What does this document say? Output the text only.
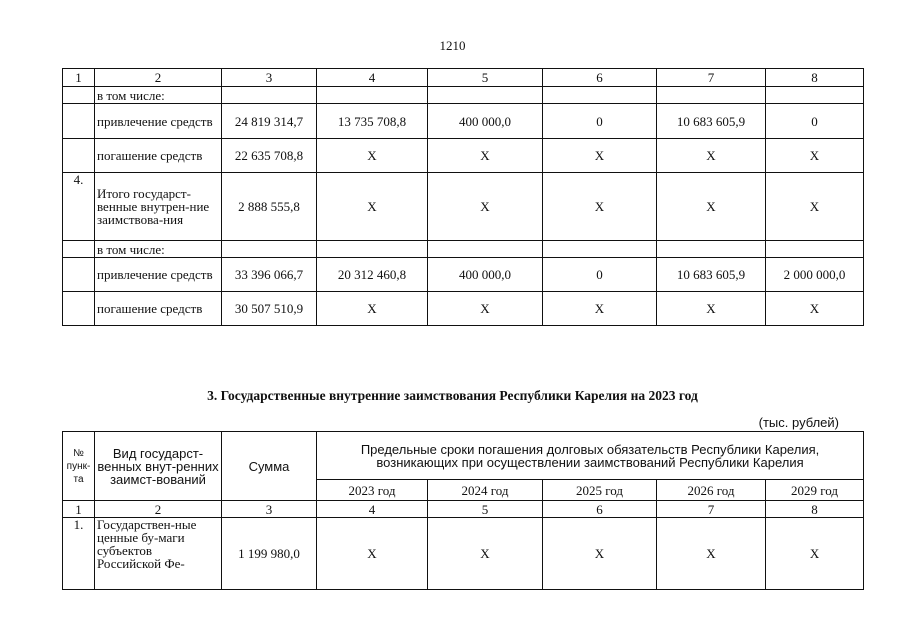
1210
1	2	3	4	5	6	7	8
	в том числе:						
	привлечение средств	24 819 314,7	13 735 708,8	400 000,0	0	10 683 605,9	0
	погашение средств	22 635 708,8	X	X	X	X	X
4.	Итого государст-венные внутрен-ние заимствова-ния	2 888 555,8	X	X	X	X	X
	в том числе:						
	привлечение средств	33 396 066,7	20 312 460,8	400 000,0	0	10 683 605,9	2 000 000,0
	погашение средств	30 507 510,9	X	X	X	X	X
3. Государственные внутренние заимствования Республики Карелия на 2023 год
(тыс. рублей)
№ пунк-та	Вид государст-венных внут-ренних заимст-вований	Сумма	Предельные сроки погашения долговых обязательств Республики Карелия, возникающих при осуществлении заимствований Республики Карелия				
			2023 год	2024 год	2025 год	2026 год	2029 год
1	2	3	4	5	6	7	8
1.	Государствен-ные ценные бу-маги субъектов Российской Фе-	1 199 980,0	X	X	X	X	X
